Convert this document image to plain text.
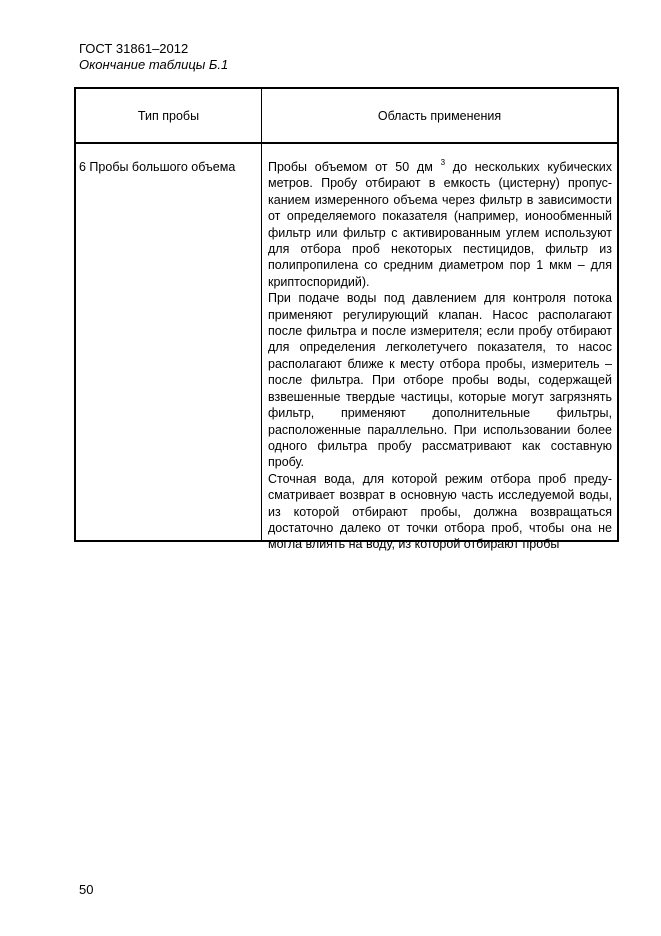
ГОСТ 31861–2012
Окончание таблицы Б.1
Тип пробы	Область применения
6 Пробы большого объема	Пробы объемом от 50 дм $^3$ до нескольких кубических метров. Пробу отбирают в емкость (цистерну) пропусканием измеренного объема через фильтр в зависимости от определяемого показателя (например, ионообменный фильтр или фильтр с активированным углем используют для отбора проб некоторых пестицидов, фильтр из полипропилена со средним диаметром пор 1 мкм – для криптоспоридий).

При подаче воды под давлением для контроля потока применяют регулирующий клапан. Насос располагают после фильтра и после измерителя; если пробу отбирают для определения легколетучего показателя, то насос располагают ближе к месту отбора пробы, измеритель – после фильтра. При отборе пробы воды, содержащей взвешенные твердые частицы, которые могут загрязнять фильтр, применяют дополнительные фильтры, расположенные параллельно. При использовании более одного фильтра пробу рассматривают как составную пробу.

Сточная вода, для которой режим отбора проб предусматривает возврат в основную часть исследуемой воды, из которой отбирают пробы, должна возвращаться достаточно далеко от точки отбора проб, чтобы она не могла влиять на воду, из которой отбирают пробы

50
